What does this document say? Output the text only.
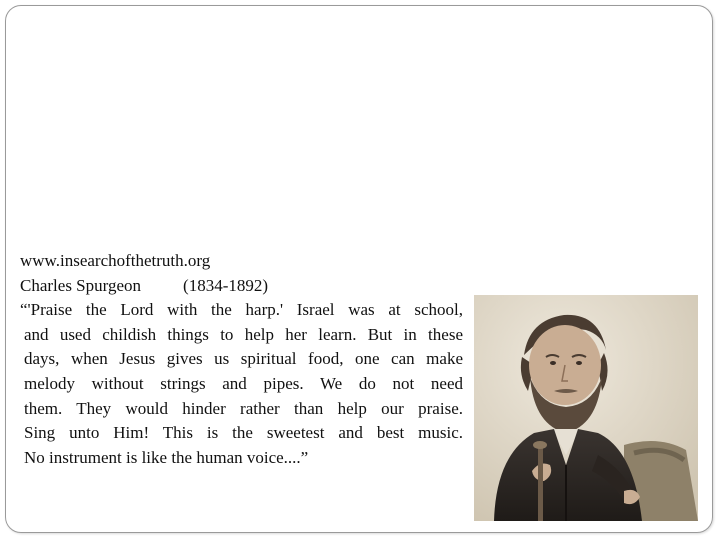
www.insearchofthetruth.org
Charles Spurgeon (1834-1892)
“'Praise the Lord with the harp.' Israel was at school,
and used childish things to help her learn. But in these
days, when Jesus gives us spiritual food, one can make
melody without strings and pipes. We do not need
them. They would hinder rather than help our praise.
Sing unto Him! This is the sweetest and best music.
No instrument is like the human voice....”
